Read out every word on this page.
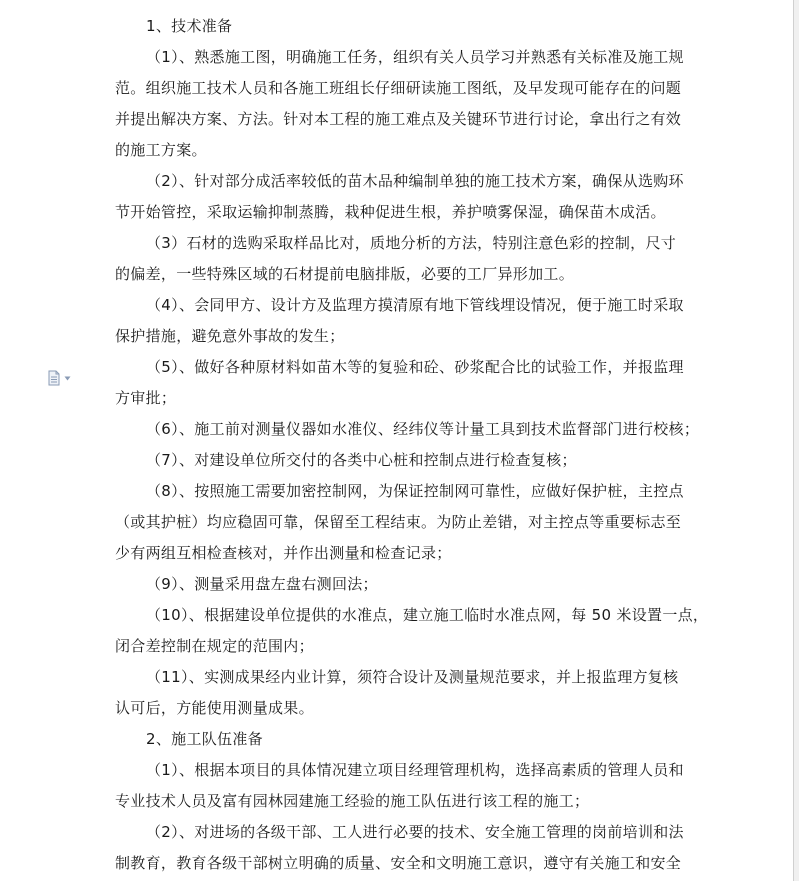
1、技术准备
（1）、熟悉施工图，明确施工任务，组织有关人员学习并熟悉有关标准及施工规
范。组织施工技术人员和各施工班组长仔细研读施工图纸，及早发现可能存在的问题
并提出解决方案、方法。针对本工程的施工难点及关键环节进行讨论，拿出行之有效
的施工方案。
（2）、针对部分成活率较低的苗木品种编制单独的施工技术方案，确保从选购环
节开始管控，采取运输抑制蒸腾，栽种促进生根，养护喷雾保湿，确保苗木成活。
（3）石材的选购采取样品比对，质地分析的方法，特别注意色彩的控制，尺寸
的偏差，一些特殊区域的石材提前电脑排版，必要的工厂异形加工。
（4）、会同甲方、设计方及监理方摸清原有地下管线埋设情况，便于施工时采取
保护措施，避免意外事故的发生；
（5）、做好各种原材料如苗木等的复验和砼、砂浆配合比的试验工作，并报监理
方审批；
（6）、施工前对测量仪器如水准仪、经纬仪等计量工具到技术监督部门进行校核；
（7）、对建设单位所交付的各类中心桩和控制点进行检查复核；
（8）、按照施工需要加密控制网，为保证控制网可靠性，应做好保护桩，主控点
（或其护桩）均应稳固可靠，保留至工程结束。为防止差错，对主控点等重要标志至
少有两组互相检查核对，并作出测量和检查记录；
（9）、测量采用盘左盘右测回法；
（10）、根据建设单位提供的水准点，建立施工临时水准点网，每 50 米设置一点，
闭合差控制在规定的范围内；
（11）、实测成果经内业计算，须符合设计及测量规范要求，并上报监理方复核
认可后，方能使用测量成果。
2、施工队伍准备
（1）、根据本项目的具体情况建立项目经理管理机构，选择高素质的管理人员和
专业技术人员及富有园林园建施工经验的施工队伍进行该工程的施工；
（2）、对进场的各级干部、工人进行必要的技术、安全施工管理的岗前培训和法
制教育，教育各级干部树立明确的质量、安全和文明施工意识，遵守有关施工和安全
